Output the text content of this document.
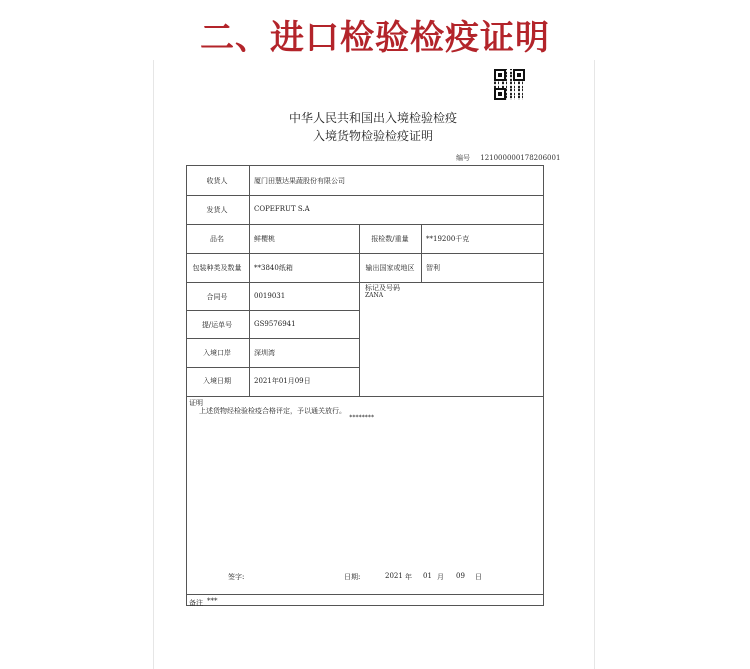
二、进口检验检疫证明
中华人民共和国出入境检验检疫
入境货物检验检疫证明
编号 121000000178206001
收货人	厦门田慧达果蔬股份有限公司
发货人	COPEFRUT S.A
品名	鲜樱桃	报检数/重量	**19200千克
包装种类及数量	**3840纸箱	输出国家或地区	智利
合同号	0019031
标记及号码
ZANA
提/运单号	GS9576941
入境口岸	深圳湾
入境日期	2021年01月09日
证明
上述货物经检验检疫合格评定，予以通关放行。
********
签字:	日期:	2021 年 01 月 09 日
备注 ***
